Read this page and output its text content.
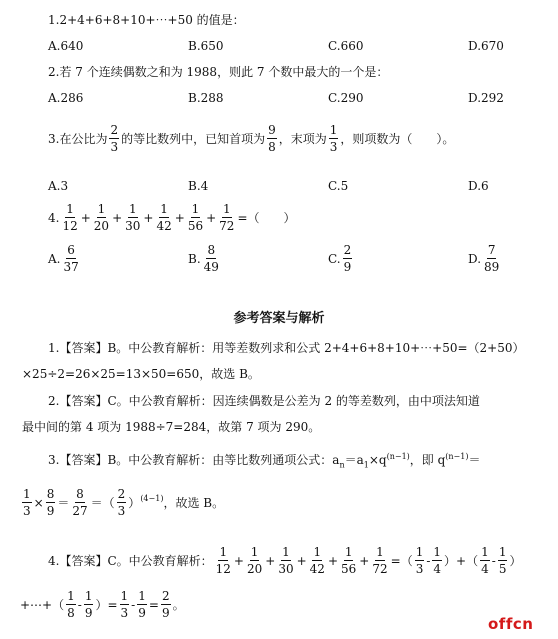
1.2+4+6+8+10+⋯+50 的值是：
A.640	B.650	C.660	D.670
2.若 7 个连续偶数之和为 1988，则此 7 个数中最大的一个是：
A.286	B.288	C.290	D.292
3.在公比为 $\frac{2}{3}$ 的等比数列中，已知首项为 $\frac{9}{8}$ ，末项为 $\frac{1}{3}$ ，则项数为（　　）。
A.3	B.4	C.5	D.6
4. $\frac{1}{12} + \frac{1}{20} + \frac{1}{30} + \frac{1}{42} + \frac{1}{56} + \frac{1}{72}$ =（　　）
A. $\frac{6}{37}$	B. $\frac{8}{49}$	C. $\frac{2}{9}$	D. $\frac{7}{89}$
参考答案与解析
1.【答案】B。中公教育解析：用等差数列求和公式 2+4+6+8+10+⋯+50=（2+50）
×25÷2=26×25=13×50=650，故选 B。
2.【答案】C。中公教育解析：因连续偶数是公差为 2 的等差数列，由中项法知道
最中间的第 4 项为 1988÷7=284，故第 7 项为 290。
3.【答案】B。中公教育解析：由等比数列通项公式：$a_n=a_1\times q^{(n-1)}$，即 $q^{(n-1)}=$
$\frac{1}{3} \times \frac{8}{9} = \frac{8}{27}$ ＝（ $\frac{2}{3} )^{(4-1)}$ ，故选 B。
4.【答案】C。中公教育解析： $\frac{1}{12} + \frac{1}{20} + \frac{1}{30} + \frac{1}{42} + \frac{1}{56} + \frac{1}{72}$ =（ $\frac{1}{3} - \frac{1}{4}$ ）+（ $\frac{1}{4} - \frac{1}{5}$ ）
+⋯+（ $\frac{1}{8} - \frac{1}{9}$ ）= $\frac{1}{3} - \frac{1}{9} = \frac{2}{9}$ 。
offcn
